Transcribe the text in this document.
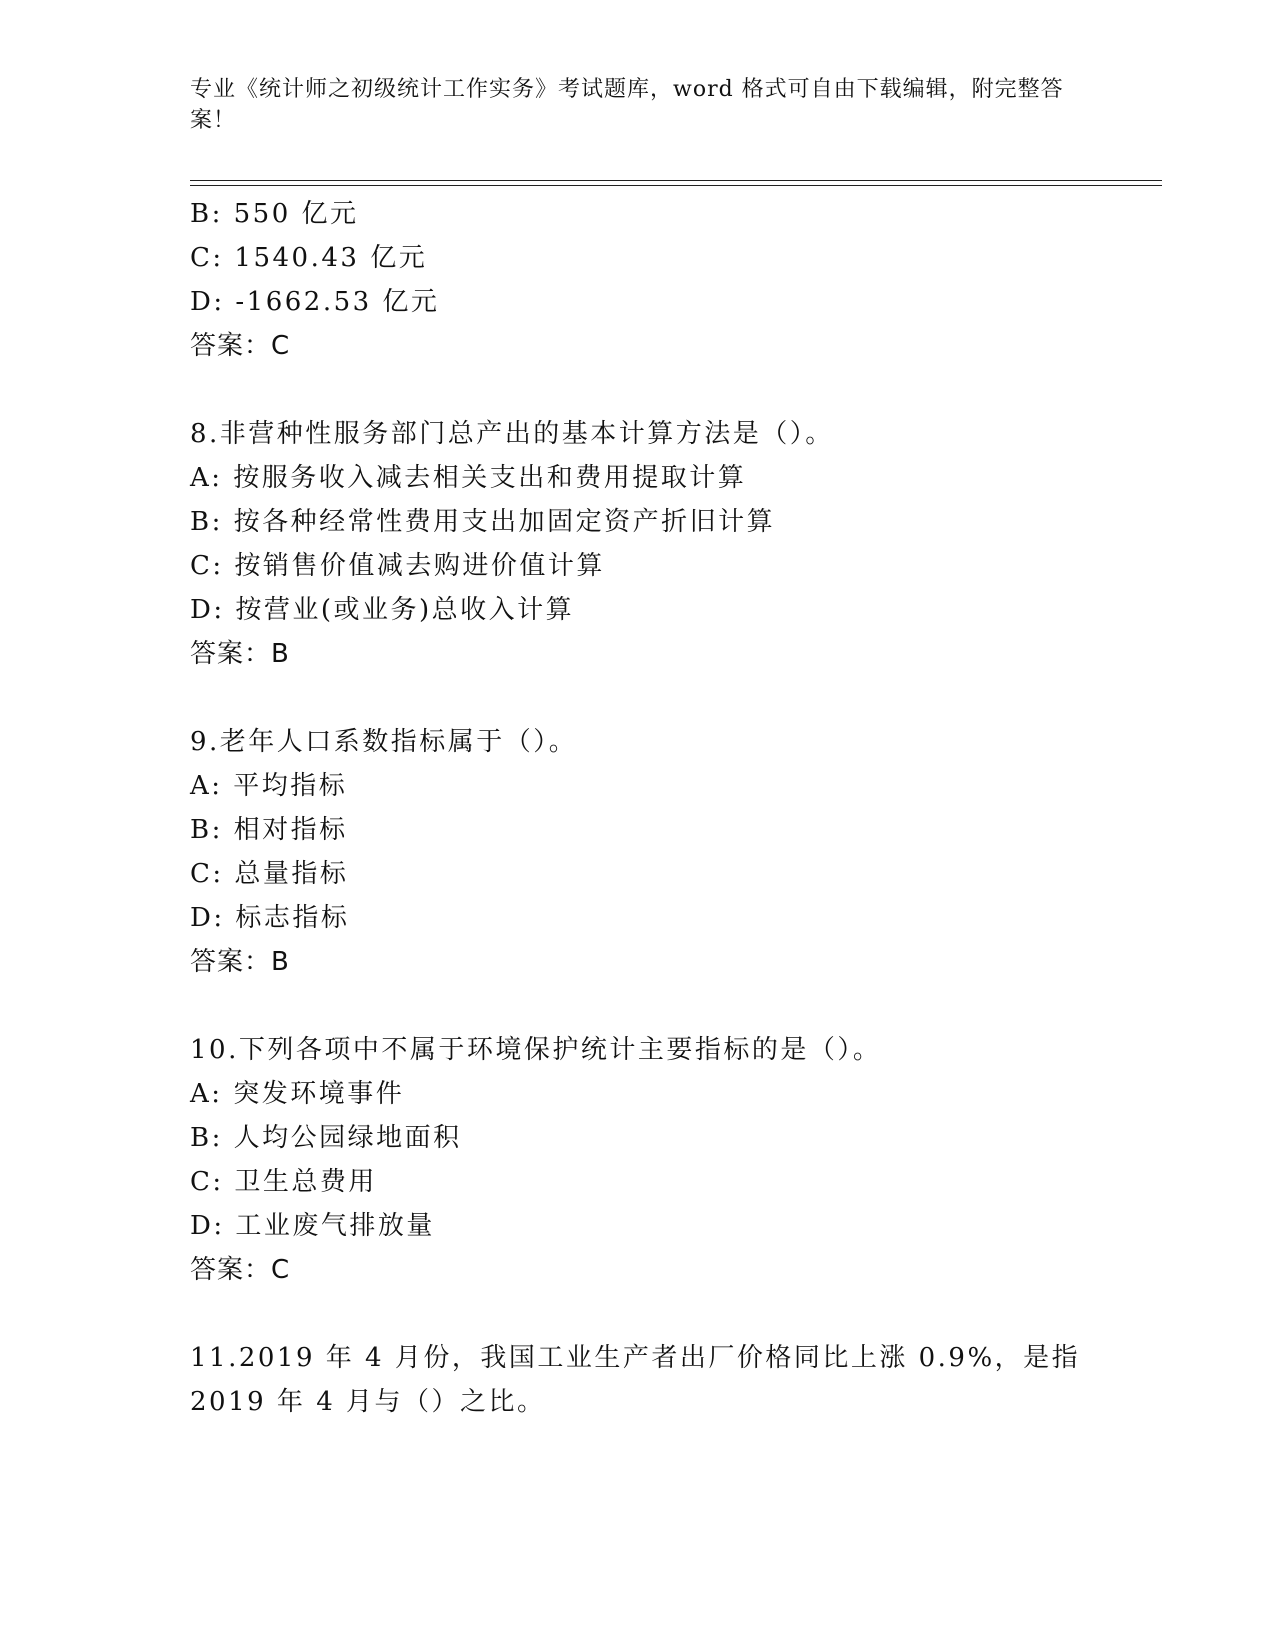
专业《统计师之初级统计工作实务》考试题库，word 格式可自由下载编辑，附完整答案！
B: 550 亿元
C: 1540.43 亿元
D: -1662.53 亿元
答案：C
8.非营种性服务部门总产出的基本计算方法是（）。
A: 按服务收入减去相关支出和费用提取计算
B: 按各种经常性费用支出加固定资产折旧计算
C: 按销售价值减去购进价值计算
D: 按营业(或业务)总收入计算
答案：B
9.老年人口系数指标属于（）。
A: 平均指标
B: 相对指标
C: 总量指标
D: 标志指标
答案：B
10.下列各项中不属于环境保护统计主要指标的是（）。
A: 突发环境事件
B: 人均公园绿地面积
C: 卫生总费用
D: 工业废气排放量
答案：C
11.2019 年 4 月份，我国工业生产者出厂价格同比上涨 0.9%，是指
2019 年 4 月与（）之比。
